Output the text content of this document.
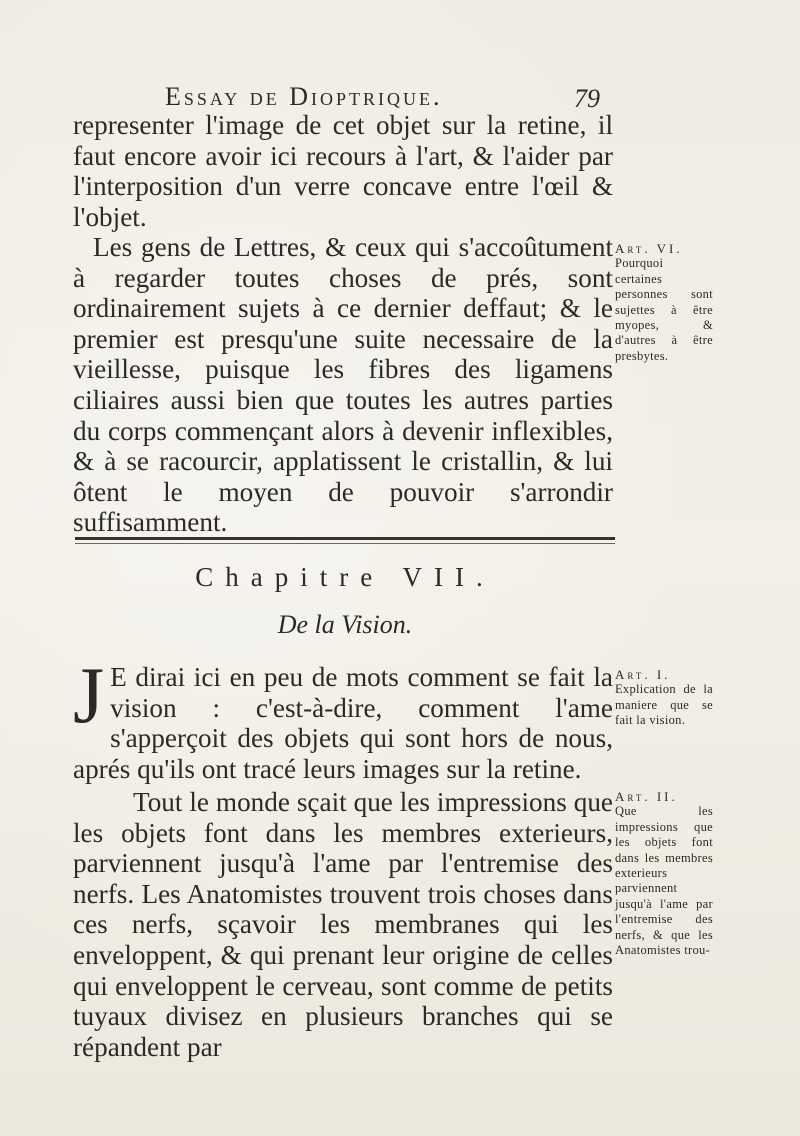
Essay de Dioptrique.	79

representer l'image de cet objet sur la retine, il faut encore avoir ici recours à l'art, & l'aider par l'interposition d'un verre concave entre l'œil & l'objet.

Les gens de Lettres, & ceux qui s'accoûtument à regarder toutes choses de prés, sont ordinairement sujets à ce dernier deffaut; & le premier est presqu'une suite necessaire de la vieillesse, puisque les fibres des ligamens ciliaires aussi bien que toutes les autres parties du corps commençant alors à devenir inflexibles, & à se racourcir, applatissent le cristallin, & lui ôtent le moyen de pouvoir s'arrondir suffisamment.

Art. VI.
Pourquoi certaines personnes sont sujettes à être myopes, & d'autres à être presbytes.
Chapitre VII.
De la Vision.
J E dirai ici en peu de mots comment se fait la vision : c'est-à-dire, comment l'ame s'apperçoit des objets qui sont hors de nous, aprés qu'ils ont tracé leurs images sur la retine.

Art. I.
Explication de la maniere que se fait la vision.

Tout le monde sçait que les impressions que les objets font dans les membres exterieurs, parviennent jusqu'à l'ame par l'entremise des nerfs. Les Anatomistes trouvent trois choses dans ces nerfs, sçavoir les membranes qui les enveloppent, & qui prenant leur origine de celles qui enveloppent le cerveau, sont comme de petits tuyaux divisez en plusieurs branches qui se répandent par

Art. II.
Que les impressions que les objets font dans les membres exterieurs parviennent jusqu'à l'ame par l'entremise des nerfs, & que les Anatomistes trou-
